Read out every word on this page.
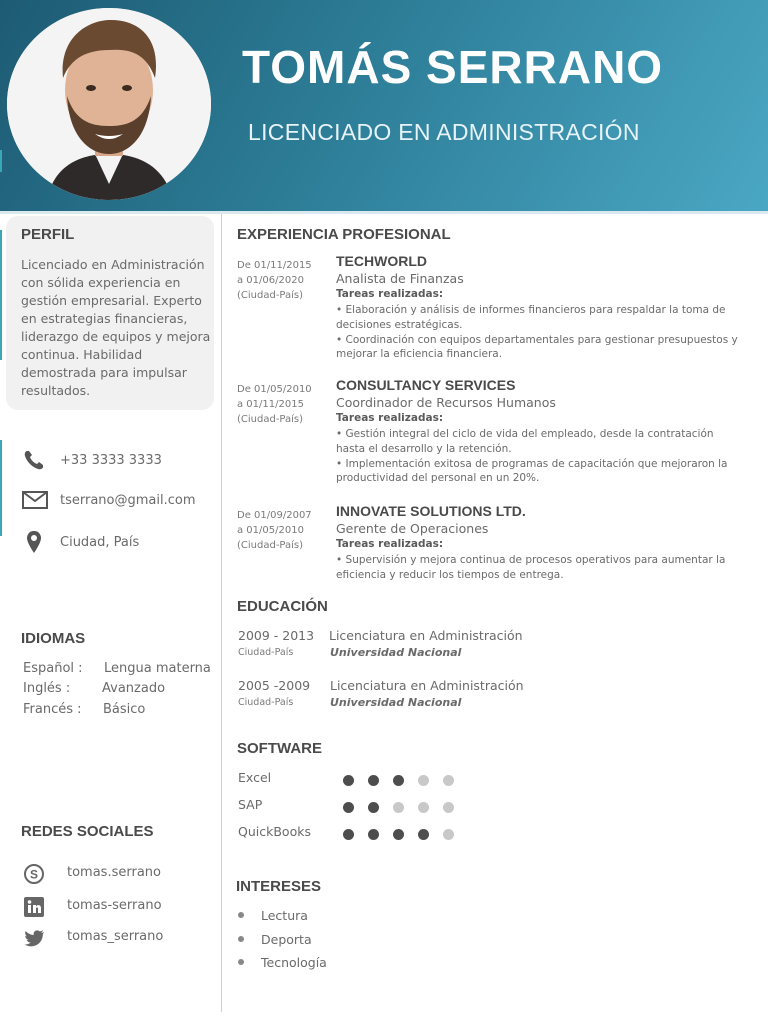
TOMÁS SERRANO
LICENCIADO EN ADMINISTRACIÓN
PERFIL
Licenciado en Administración con sólida experiencia en gestión empresarial. Experto en estrategias financieras, liderazgo de equipos y mejora continua. Habilidad demostrada para impulsar resultados.
+33 3333 3333
tserrano@gmail.com
Ciudad, País
IDIOMAS
Español : Lengua materna
Inglés : Avanzado
Francés : Básico
REDES SOCIALES
S tomas.serrano
tomas-serrano
tomas_serrano
EXPERIENCIA PROFESIONAL
De 01/11/2015
a 01/06/2020
(Ciudad-País)
TECHWORLD
Analista de Finanzas
Tareas realizadas:
• Elaboración y análisis de informes financieros para respaldar la toma de decisiones estratégicas.
• Coordinación con equipos departamentales para gestionar presupuestos y mejorar la eficiencia financiera.
De 01/05/2010
a 01/11/2015
(Ciudad-País)
CONSULTANCY SERVICES
Coordinador de Recursos Humanos
Tareas realizadas:
• Gestión integral del ciclo de vida del empleado, desde la contratación hasta el desarrollo y la retención.
• Implementación exitosa de programas de capacitación que mejoraron la productividad del personal en un 20%.
De 01/09/2007
a 01/05/2010
(Ciudad-País)
INNOVATE SOLUTIONS LTD.
Gerente de Operaciones
Tareas realizadas:
• Supervisión y mejora continua de procesos operativos para aumentar la eficiencia y reducir los tiempos de entrega.
EDUCACIÓN
2009 - 2013
Ciudad-País
Licenciatura en Administración
Universidad Nacional
2005 -2009
Ciudad-País
Licenciatura en Administración
Universidad Nacional
SOFTWARE
Excel
SAP
QuickBooks
INTERESES
Lectura
Deporta
Tecnología
